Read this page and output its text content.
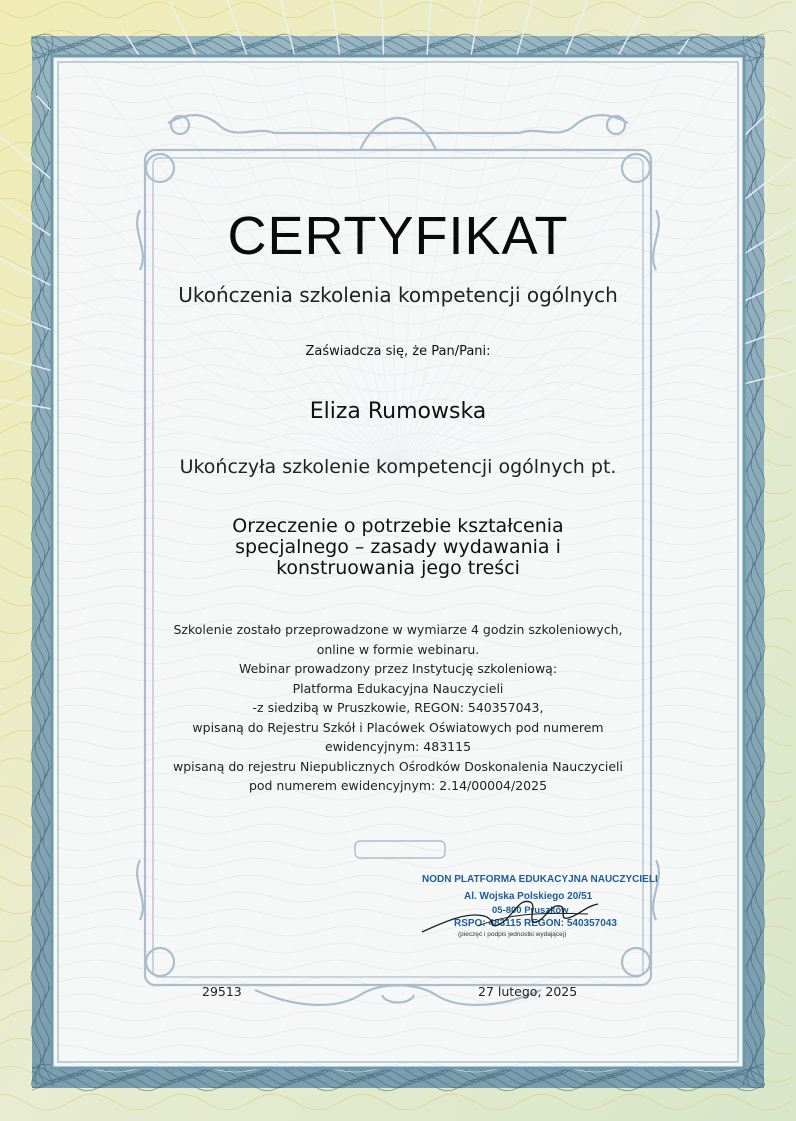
CERTYFIKAT
Ukończenia szkolenia kompetencji ogólnych
Zaświadcza się, że Pan/Pani:
Eliza Rumowska
Ukończyła szkolenie kompetencji ogólnych pt.
Orzeczenie o potrzebie kształcenia
specjalnego – zasady wydawania i
konstruowania jego treści
Szkolenie zostało przeprowadzone w wymiarze 4 godzin szkoleniowych,
online w formie webinaru.
Webinar prowadzony przez Instytucję szkoleniową:
Platforma Edukacyjna Nauczycieli
-z siedzibą w Pruszkowie, REGON: 540357043,
wpisaną do Rejestru Szkół i Placówek Oświatowych pod numerem
ewidencyjnym: 483115
wpisaną do rejestru Niepublicznych Ośrodków Doskonalenia Nauczycieli
pod numerem ewidencyjnym: 2.14/00004/2025
NODN PLATFORMA EDUKACYJNA NAUCZYCIELI
Al. Wojska Polskiego 20/51
05-800 Pruszków
RSPO: 483115 REGON: 540357043
(pieczęć i podpis jednostki wydającej)
29513	27 lutego, 2025
